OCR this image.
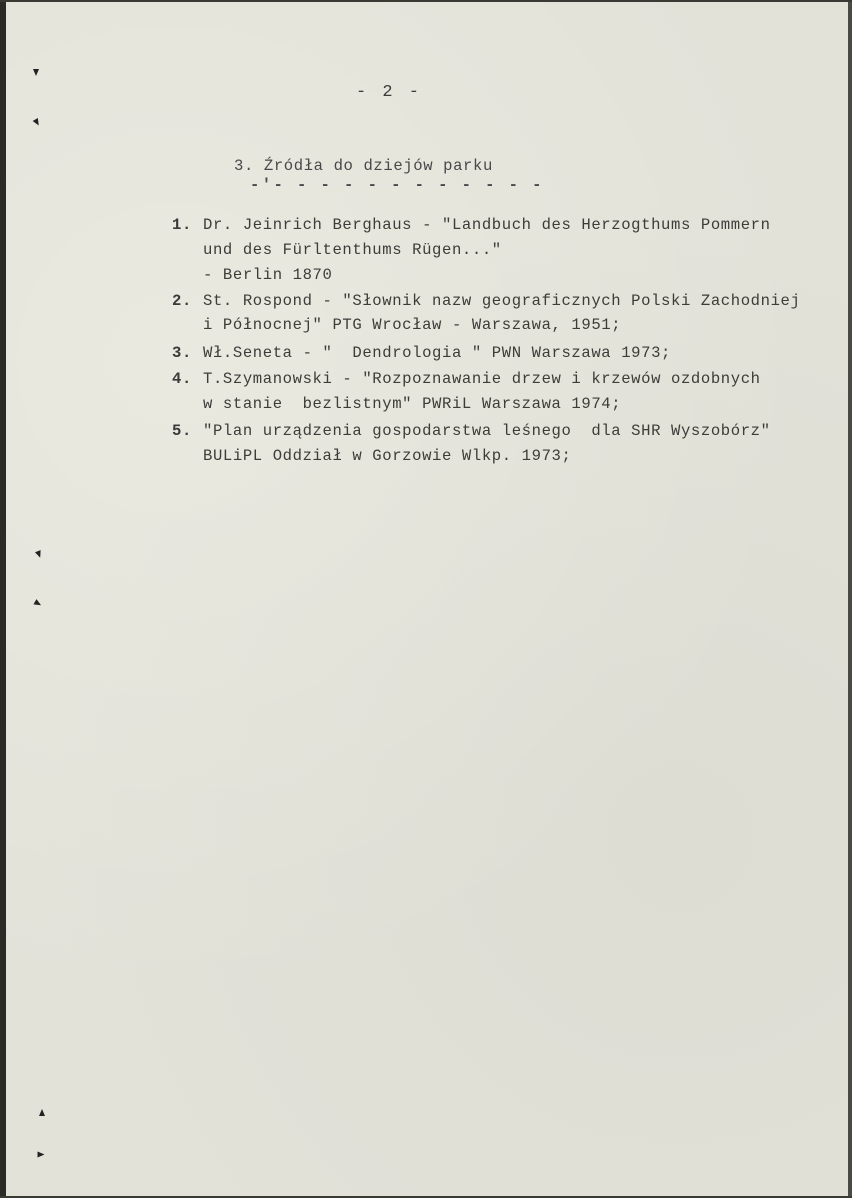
- 2 -
3. Źródła do dziejów parku
-'- - - - - - - - - - - -
1. Dr. Jeinrich Berghaus - "Landbuch des Herzogthums Pommern
und des Fürltenthums Rügen..."
- Berlin 1870
2. St. Rospond - "Słownik nazw geograficznych Polski Zachodniej
i Północnej" PTG Wrocław - Warszawa, 1951;
3. Wł.Seneta - "  Dendrologia " PWN Warszawa 1973;
4. T.Szymanowski - "Rozpoznawanie drzew i krzewów ozdobnych
w stanie  bezlistnym" PWRiL Warszawa 1974;
5. "Plan urządzenia gospodarstwa leśnego  dla SHR Wyszobórz"
BULiPL Oddział w Gorzowie Wlkp. 1973;
